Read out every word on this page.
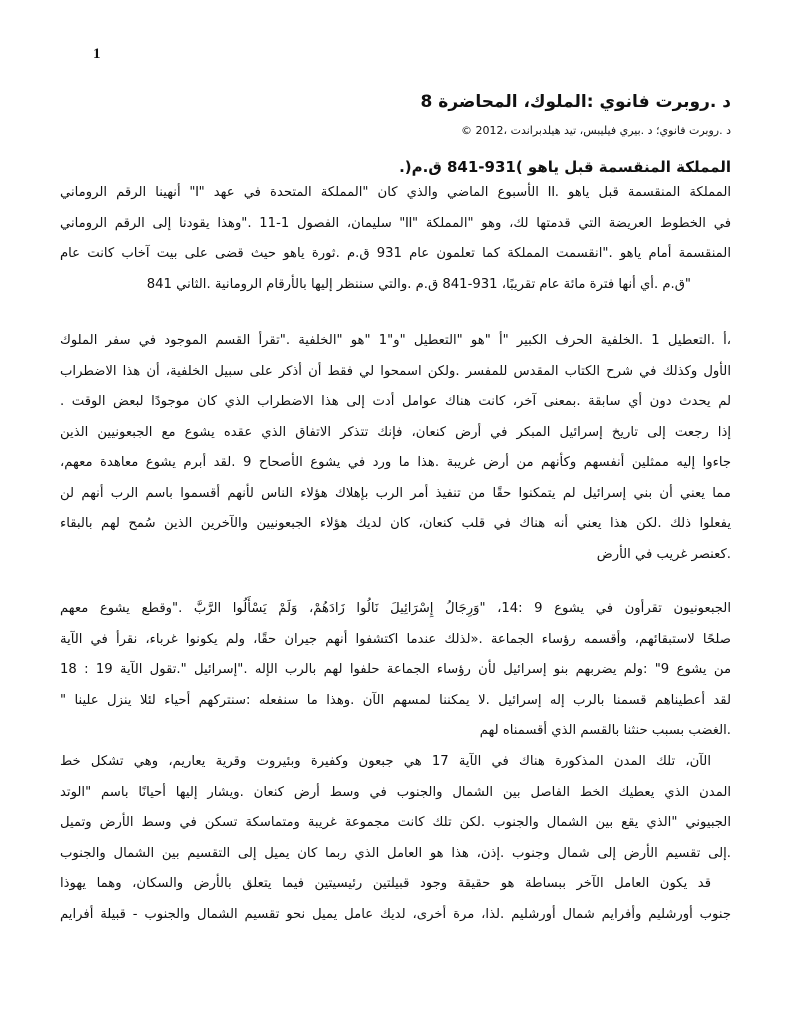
1
د .روبرت فانوي :الملوك، المحاضرة 8
د .روبرت فانوي؛ د .بيري فيليبس، تيد هيلدبراندت ،2012 ©
المملكة المنقسمة قبل ياهو )931-841 ق.م(.
المملكة المنقسمة قبل ياهو .II الأسبوع الماضي والذي كان "المملكة المتحدة في عهد "I" أنهينا الرقم الروماني
في الخطوط العريضة التي قدمتها لك، وهو "المملكة "II" سليمان، الفصول 1-11 ."وهذا يقودنا إلى الرقم الروماني
المنقسمة أمام ياهو ."انقسمت المملكة كما تعلمون عام 931 ق.م .ثورة ياهو حيث قضى على بيت آخاب كانت عام
"ق.م .أي أنها فترة مائة عام تقريبًا، 931-841 ق.م .والتي سننظر إليها بالأرقام الرومانية .الثاني 841
،أ .التعطيل 1 .الخلفية الحرف الكبير "أ "هو "التعطيل "و"1 "هو "الخلفية ."تقرأ القسم الموجود في سفر الملوك
الأول وكذلك في شرح الكتاب المقدس للمفسر .ولكن اسمحوا لي فقط أن أذكر على سبيل الخلفية، أن هذا الاضطراب
لم يحدث دون أي سابقة .بمعنى آخر، كانت هناك عوامل أدت إلى هذا الاضطراب الذي كان موجودًا لبعض الوقت .
إذا رجعت إلى تاريخ إسرائيل المبكر في أرض كنعان، فإنك تتذكر الاتفاق الذي عقده يشوع مع الجبعونيين الذين
جاءوا إليه ممثلين أنفسهم وكأنهم من أرض غريبة .هذا ما ورد في يشوع الأصحاح 9 .لقد أبرم يشوع معاهدة معهم،
مما يعني أن بني إسرائيل لم يتمكنوا حقًا من تنفيذ أمر الرب بإهلاك هؤلاء الناس لأنهم أقسموا باسم الرب أنهم لن
يفعلوا ذلك .لكن هذا يعني أنه هناك في قلب كنعان، كان لديك هؤلاء الجبعونيين والآخرين الذين سُمح لهم بالبقاء
.كعنصر غريب في الأرض
الجبعونيون تقرأون في يشوع 9 :14، "وَرِجَالُ إِسْرَائِيلَ نَالُوا زَادَهُمْ، وَلَمْ يَسْأَلُوا الرَّبَّ ."وقطع يشوع معهم
صلحًا لاستبقائهم، وأقسمه رؤساء الجماعة .«لذلك عندما اكتشفوا أنهم جيران حقًا، ولم يكونوا غرباء، نقرأ في الآية
من يشوع 9" :ولم يضربهم بنو إسرائيل لأن رؤساء الجماعة حلفوا لهم بالرب الإله ."إسرائيل ".تقول الآية 19 : 18
لقد أعطيناهم قسمنا بالرب إله إسرائيل .لا يمكننا لمسهم الآن .وهذا ما سنفعله :سنتركهم أحياء لئلا ينزل علينا "
.الغضب بسبب حنثنا بالقسم الذي أقسمناه لهم
الآن، تلك المدن المذكورة هناك في الآية 17 هي جبعون وكفيرة وبئيروت وقرية يعاريم، وهي تشكل خط
المدن الذي يعطيك الخط الفاصل بين الشمال والجنوب في وسط أرض كنعان .ويشار إليها أحيانًا باسم "الوتد
الجبيوني "الذي يقع بين الشمال والجنوب .لكن تلك كانت مجموعة غريبة ومتماسكة تسكن في وسط الأرض وتميل
.إلى تقسيم الأرض إلى شمال وجنوب .إذن، هذا هو العامل الذي ربما كان يميل إلى التقسيم بين الشمال والجنوب
قد يكون العامل الآخر ببساطة هو حقيقة وجود قبيلتين رئيسيتين فيما يتعلق بالأرض والسكان، وهما يهوذا
جنوب أورشليم وأفرايم شمال أورشليم .لذا، مرة أخرى، لديك عامل يميل نحو تقسيم الشمال والجنوب - قبيلة أفرايم
